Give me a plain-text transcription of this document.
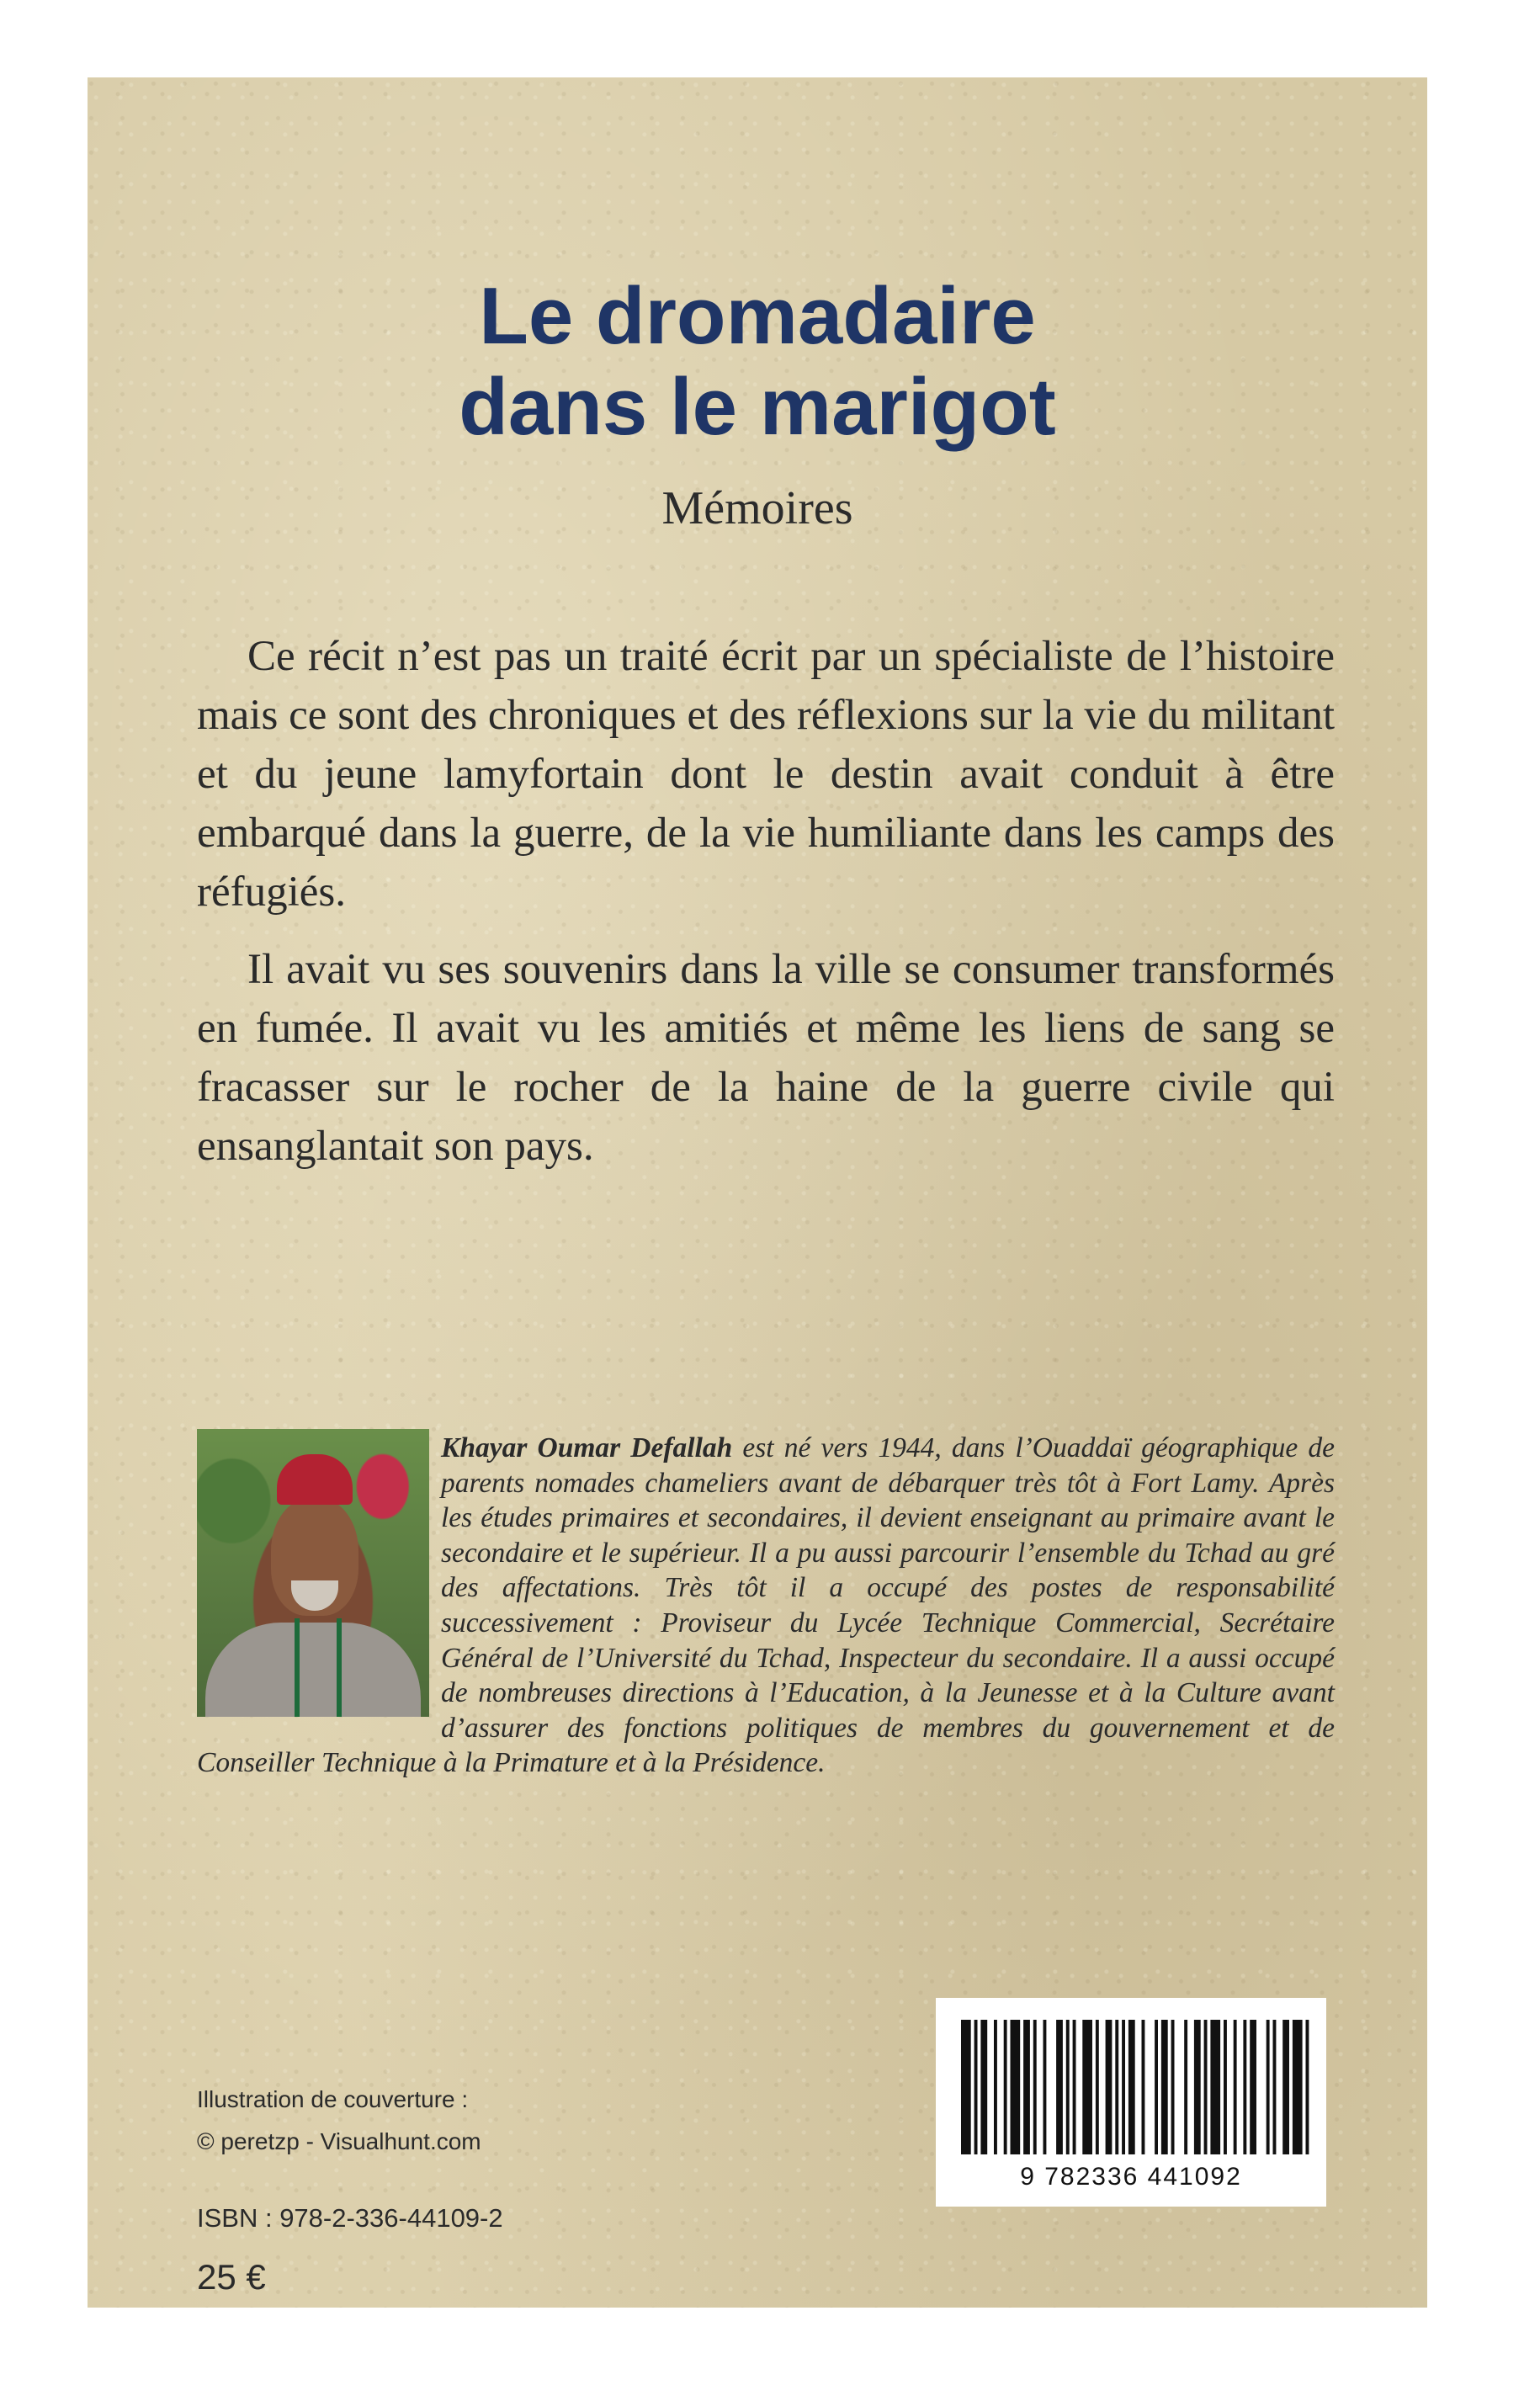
Le dromadaire
dans le marigot
Mémoires

Ce récit n’est pas un traité écrit par un spécialiste de l’histoire mais ce sont des chroniques et des réflexions sur la vie du militant et du jeune lamyfortain dont le destin avait conduit à être embarqué dans la guerre, de la vie humiliante dans les camps des réfugiés.

Il avait vu ses souvenirs dans la ville se consumer transformés en fumée. Il avait vu les amitiés et même les liens de sang se fracasser sur le rocher de la haine de la guerre civile qui ensanglantait son pays.

Khayar Oumar Defallah est né vers 1944, dans l’Ouaddaï géographique de parents nomades chameliers avant de débarquer très tôt à Fort Lamy. Après les études primaires et secondaires, il devient enseignant au primaire avant le secondaire et le supérieur. Il a pu aussi parcourir l’ensemble du Tchad au gré des affectations. Très tôt il a occupé des postes de responsabilité successivement : Proviseur du Lycée Technique Commercial, Secrétaire Général de l’Université du Tchad, Inspecteur du secondaire. Il a aussi occupé de nombreuses directions à l’Education, à la Jeunesse et à la Culture avant d’assurer des fonctions politiques de membres du gouvernement et de Conseiller Technique à la Primature et à la Présidence.
Illustration de couverture :
© peretzp - Visualhunt.com
ISBN : 978-2-336-44109-2
25 €
9 782336 441092
